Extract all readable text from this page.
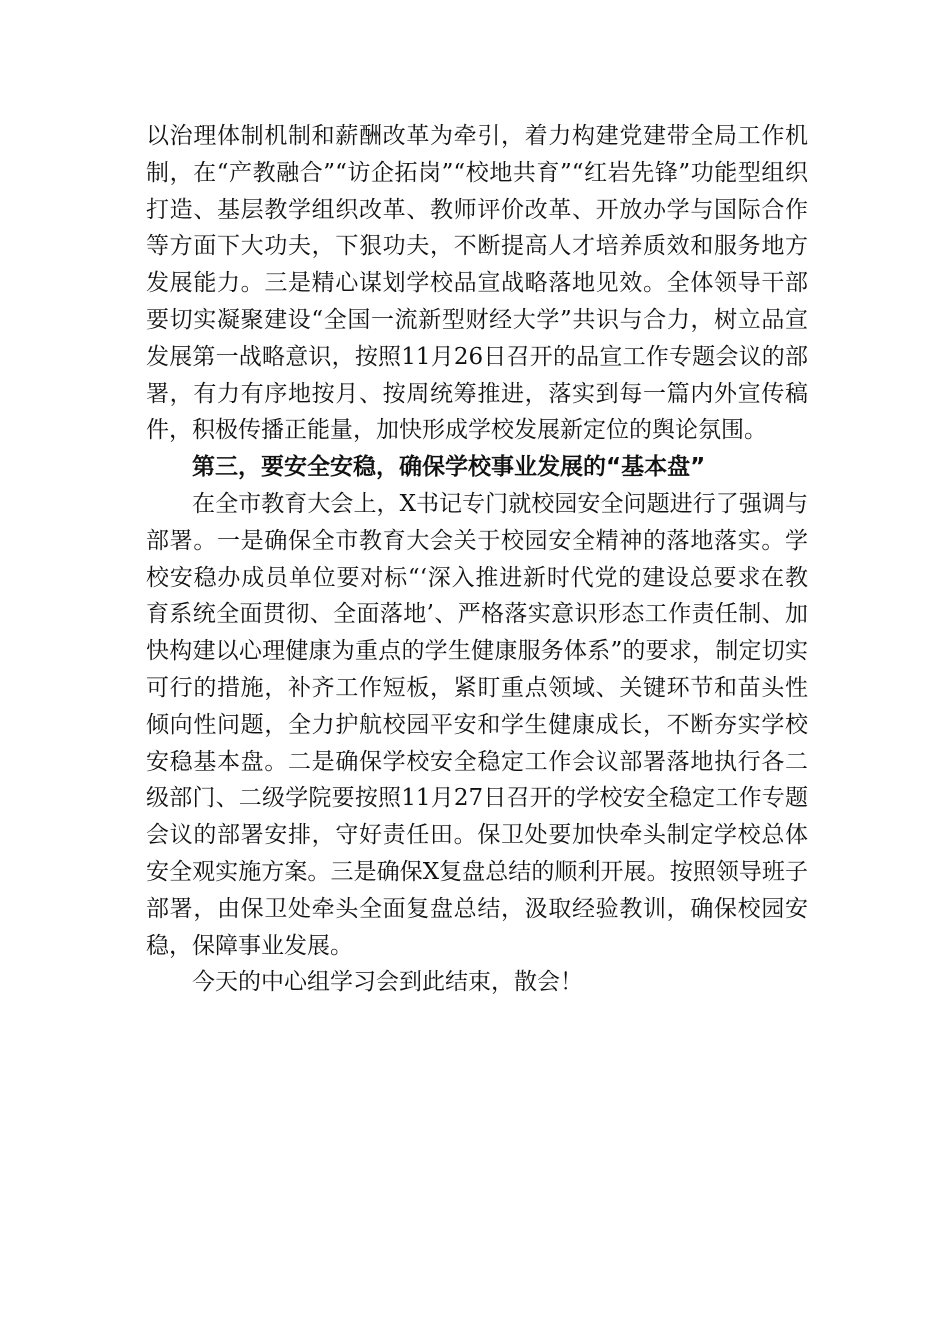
以治理体制机制和薪酬改革为牵引，着力构建党建带全局工作机制，在“产教融合”“访企拓岗”“校地共育”“红岩先锋”功能型组织打造、基层教学组织改革、教师评价改革、开放办学与国际合作等方面下大功夫，下狠功夫，不断提高人才培养质效和服务地方发展能力。三是精心谋划学校品宣战略落地见效。全体领导干部要切实凝聚建设“全国一流新型财经大学”共识与合力，树立品宣发展第一战略意识，按照11月26日召开的品宣工作专题会议的部署，有力有序地按月、按周统筹推进，落实到每一篇内外宣传稿件，积极传播正能量，加快形成学校发展新定位的舆论氛围。

第三，要安全安稳，确保学校事业发展的“基本盘”

在全市教育大会上，X书记专门就校园安全问题进行了强调与部署。一是确保全市教育大会关于校园安全精神的落地落实。学校安稳办成员单位要对标“‘深入推进新时代党的建设总要求在教育系统全面贯彻、全面落地’、严格落实意识形态工作责任制、加快构建以心理健康为重点的学生健康服务体系”的要求，制定切实可行的措施，补齐工作短板，紧盯重点领域、关键环节和苗头性倾向性问题，全力护航校园平安和学生健康成长，不断夯实学校安稳基本盘。二是确保学校安全稳定工作会议部署落地执行各二级部门、二级学院要按照11月27日召开的学校安全稳定工作专题会议的部署安排，守好责任田。保卫处要加快牵头制定学校总体安全观实施方案。三是确保X复盘总结的顺利开展。按照领导班子部署，由保卫处牵头全面复盘总结，汲取经验教训，确保校园安稳，保障事业发展。

今天的中心组学习会到此结束，散会！
